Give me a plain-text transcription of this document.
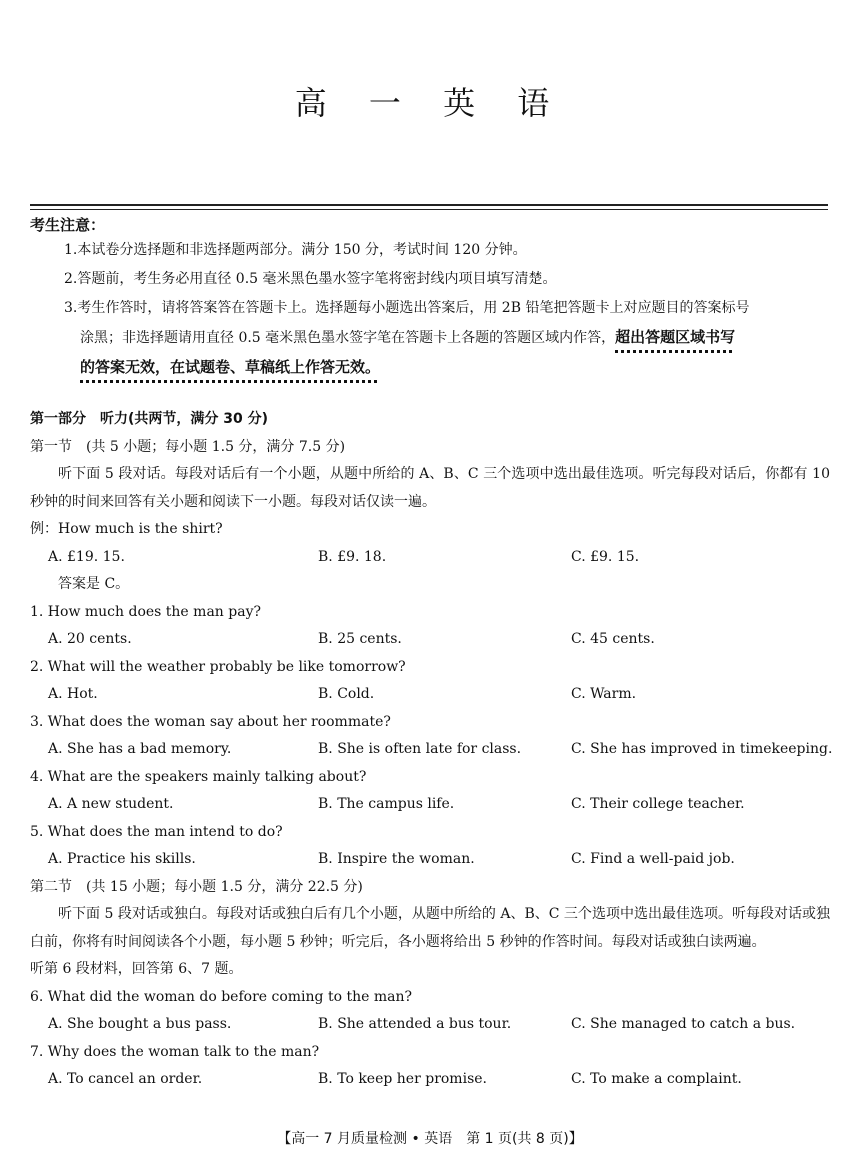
高 一 英 语
考生注意：
1.本试卷分选择题和非选择题两部分。满分 150 分，考试时间 120 分钟。
2.答题前，考生务必用直径 0.5 毫米黑色墨水签字笔将密封线内项目填写清楚。
3.考生作答时，请将答案答在答题卡上。选择题每小题选出答案后，用 2B 铅笔把答题卡上对应题目的答案标号
涂黑；非选择题请用直径 0.5 毫米黑色墨水签字笔在答题卡上各题的答题区域内作答，超出答题区域书写
的答案无效，在试题卷、草稿纸上作答无效。
第一部分　听力(共两节，满分 30 分)
第一节　(共 5 小题；每小题 1.5 分，满分 7.5 分)
听下面 5 段对话。每段对话后有一个小题，从题中所给的 A、B、C 三个选项中选出最佳选项。听完每段对话后，你都有 10 秒钟的时间来回答有关小题和阅读下一小题。每段对话仅读一遍。
例：How much is the shirt?
A. £19. 15.	B. £9. 18.	C. £9. 15.
答案是 C。
1. How much does the man pay?
A. 20 cents.	B. 25 cents.	C. 45 cents.
2. What will the weather probably be like tomorrow?
A. Hot.	B. Cold.	C. Warm.
3. What does the woman say about her roommate?
A. She has a bad memory.	B. She is often late for class.	C. She has improved in timekeeping.
4. What are the speakers mainly talking about?
A. A new student.	B. The campus life.	C. Their college teacher.
5. What does the man intend to do?
A. Practice his skills.	B. Inspire the woman.	C. Find a well-paid job.
第二节　(共 15 小题；每小题 1.5 分，满分 22.5 分)
听下面 5 段对话或独白。每段对话或独白后有几个小题，从题中所给的 A、B、C 三个选项中选出最佳选项。听每段对话或独白前，你将有时间阅读各个小题，每小题 5 秒钟；听完后，各小题将给出 5 秒钟的作答时间。每段对话或独白读两遍。
听第 6 段材料，回答第 6、7 题。
6. What did the woman do before coming to the man?
A. She bought a bus pass.	B. She attended a bus tour.	C. She managed to catch a bus.
7. Why does the woman talk to the man?
A. To cancel an order.	B. To keep her promise.	C. To make a complaint.
【高一 7 月质量检测 • 英语　第 1 页(共 8 页)】
